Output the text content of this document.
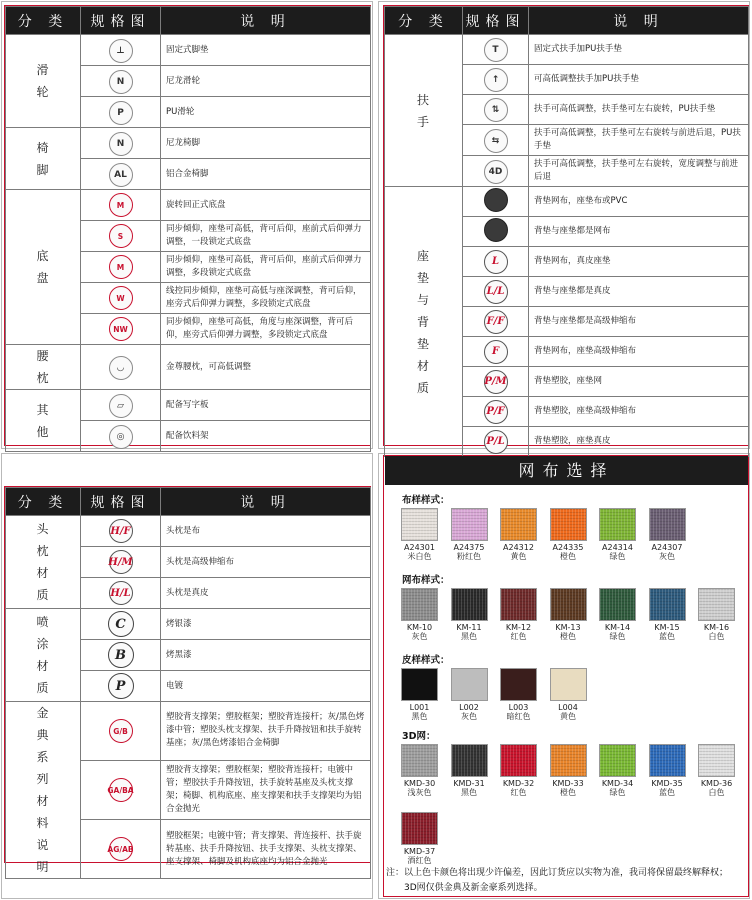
分 类	规格图	说 明
滑轮	⊥	固定式脚垫
	N	尼龙滑轮
	P	PU滑轮
椅脚	N	尼龙椅脚
	AL	铝合金椅脚
底盘	M	旋转回正式底盘
	S	同步倾仰，座垫可高低，背可后仰，座前式后仰弹力调整，一段锁定式底盘
	M	同步倾仰，座垫可高低，背可后仰，座前式后仰弹力调整，多段锁定式底盘
	W	线控同步倾仰，座垫可高低与座深调整，背可后仰，座旁式后仰弹力调整，多段锁定式底盘
	NW	同步倾仰，座垫可高低，角度与座深调整，背可后仰，座旁式后仰弹力调整，多段锁定式底盘
腰枕	◡	金尊腰枕，可高低调整
其他	▱	配备写字板
	◎	配备饮料架
分 类	规格图	说 明
扶手	T	固定式扶手加PU扶手垫
	↑	可高低调整扶手加PU扶手垫
	⇅	扶手可高低调整，扶手垫可左右旋转，PU扶手垫
	⇆	扶手可高低调整，扶手垫可左右旋转与前进后退，PU扶手垫
	4D	扶手可高低调整，扶手垫可左右旋转，宽度调整与前进后退
座垫与背垫材质		背垫网布，座垫布或PVC
		背垫与座垫都是网布
	L	背垫网布，真皮座垫
	L/L	背垫与座垫都是真皮
	F/F	背垫与座垫都是高级伸缩布
	F	背垫网布，座垫高级伸缩布
	P/M	背垫塑胶，座垫网
	P/F	背垫塑胶，座垫高级伸缩布
	P/L	背垫塑胶，座垫真皮
分 类	规格图	说 明
头枕材质	H/F	头枕是布
	H/M	头枕是高级伸缩布
	H/L	头枕是真皮
喷涂材质	C	烤银漆
	B	烤黑漆
	P	电镀
金典系列材料说明	G/B	塑胶背支撑架；塑胶框架；塑胶背连接杆；灰/黑色烤漆中管；塑胶头枕支撑架、扶手升降按钮和扶手旋转基座；灰/黑色烤漆铝合金椅脚
	GA/BA	塑胶背支撑架；塑胶框架；塑胶背连接杆；电镀中管；塑胶扶手升降按钮，扶手旋转基座及头枕支撑架；椅脚、机构底座、座支撑架和扶手支撑架均为铝合金抛光
	AG/AB	塑胶框架；电镀中管；背支撑架、背连接杆、扶手旋转基座、扶手升降按钮、扶手支撑架、头枕支撑架、座支撑架、椅脚及机构底座均为铝合金抛光
网布选择
布样样式：
A24301
米白色
A24375
粉红色
A24312
黄色
A24335
橙色
A24314
绿色
A24307
灰色
网布样式：
KM-10
灰色
KM-11
黑色
KM-12
红色
KM-13
橙色
KM-14
绿色
KM-15
蓝色
KM-16
白色
皮样样式：
L001
黑色
L002
灰色
L003
暗红色
L004
黄色
3D网：
KMD-30
浅灰色
KMD-31
黑色
KMD-32
红色
KMD-33
橙色
KMD-34
绿色
KMD-35
蓝色
KMD-36
白色
KMD-37
酒红色
注：以上色卡颜色将出现少许偏差，因此订货应以实物为准，我司将保留最终解释权；
3D网仅供金典及新金豪系列选择。
